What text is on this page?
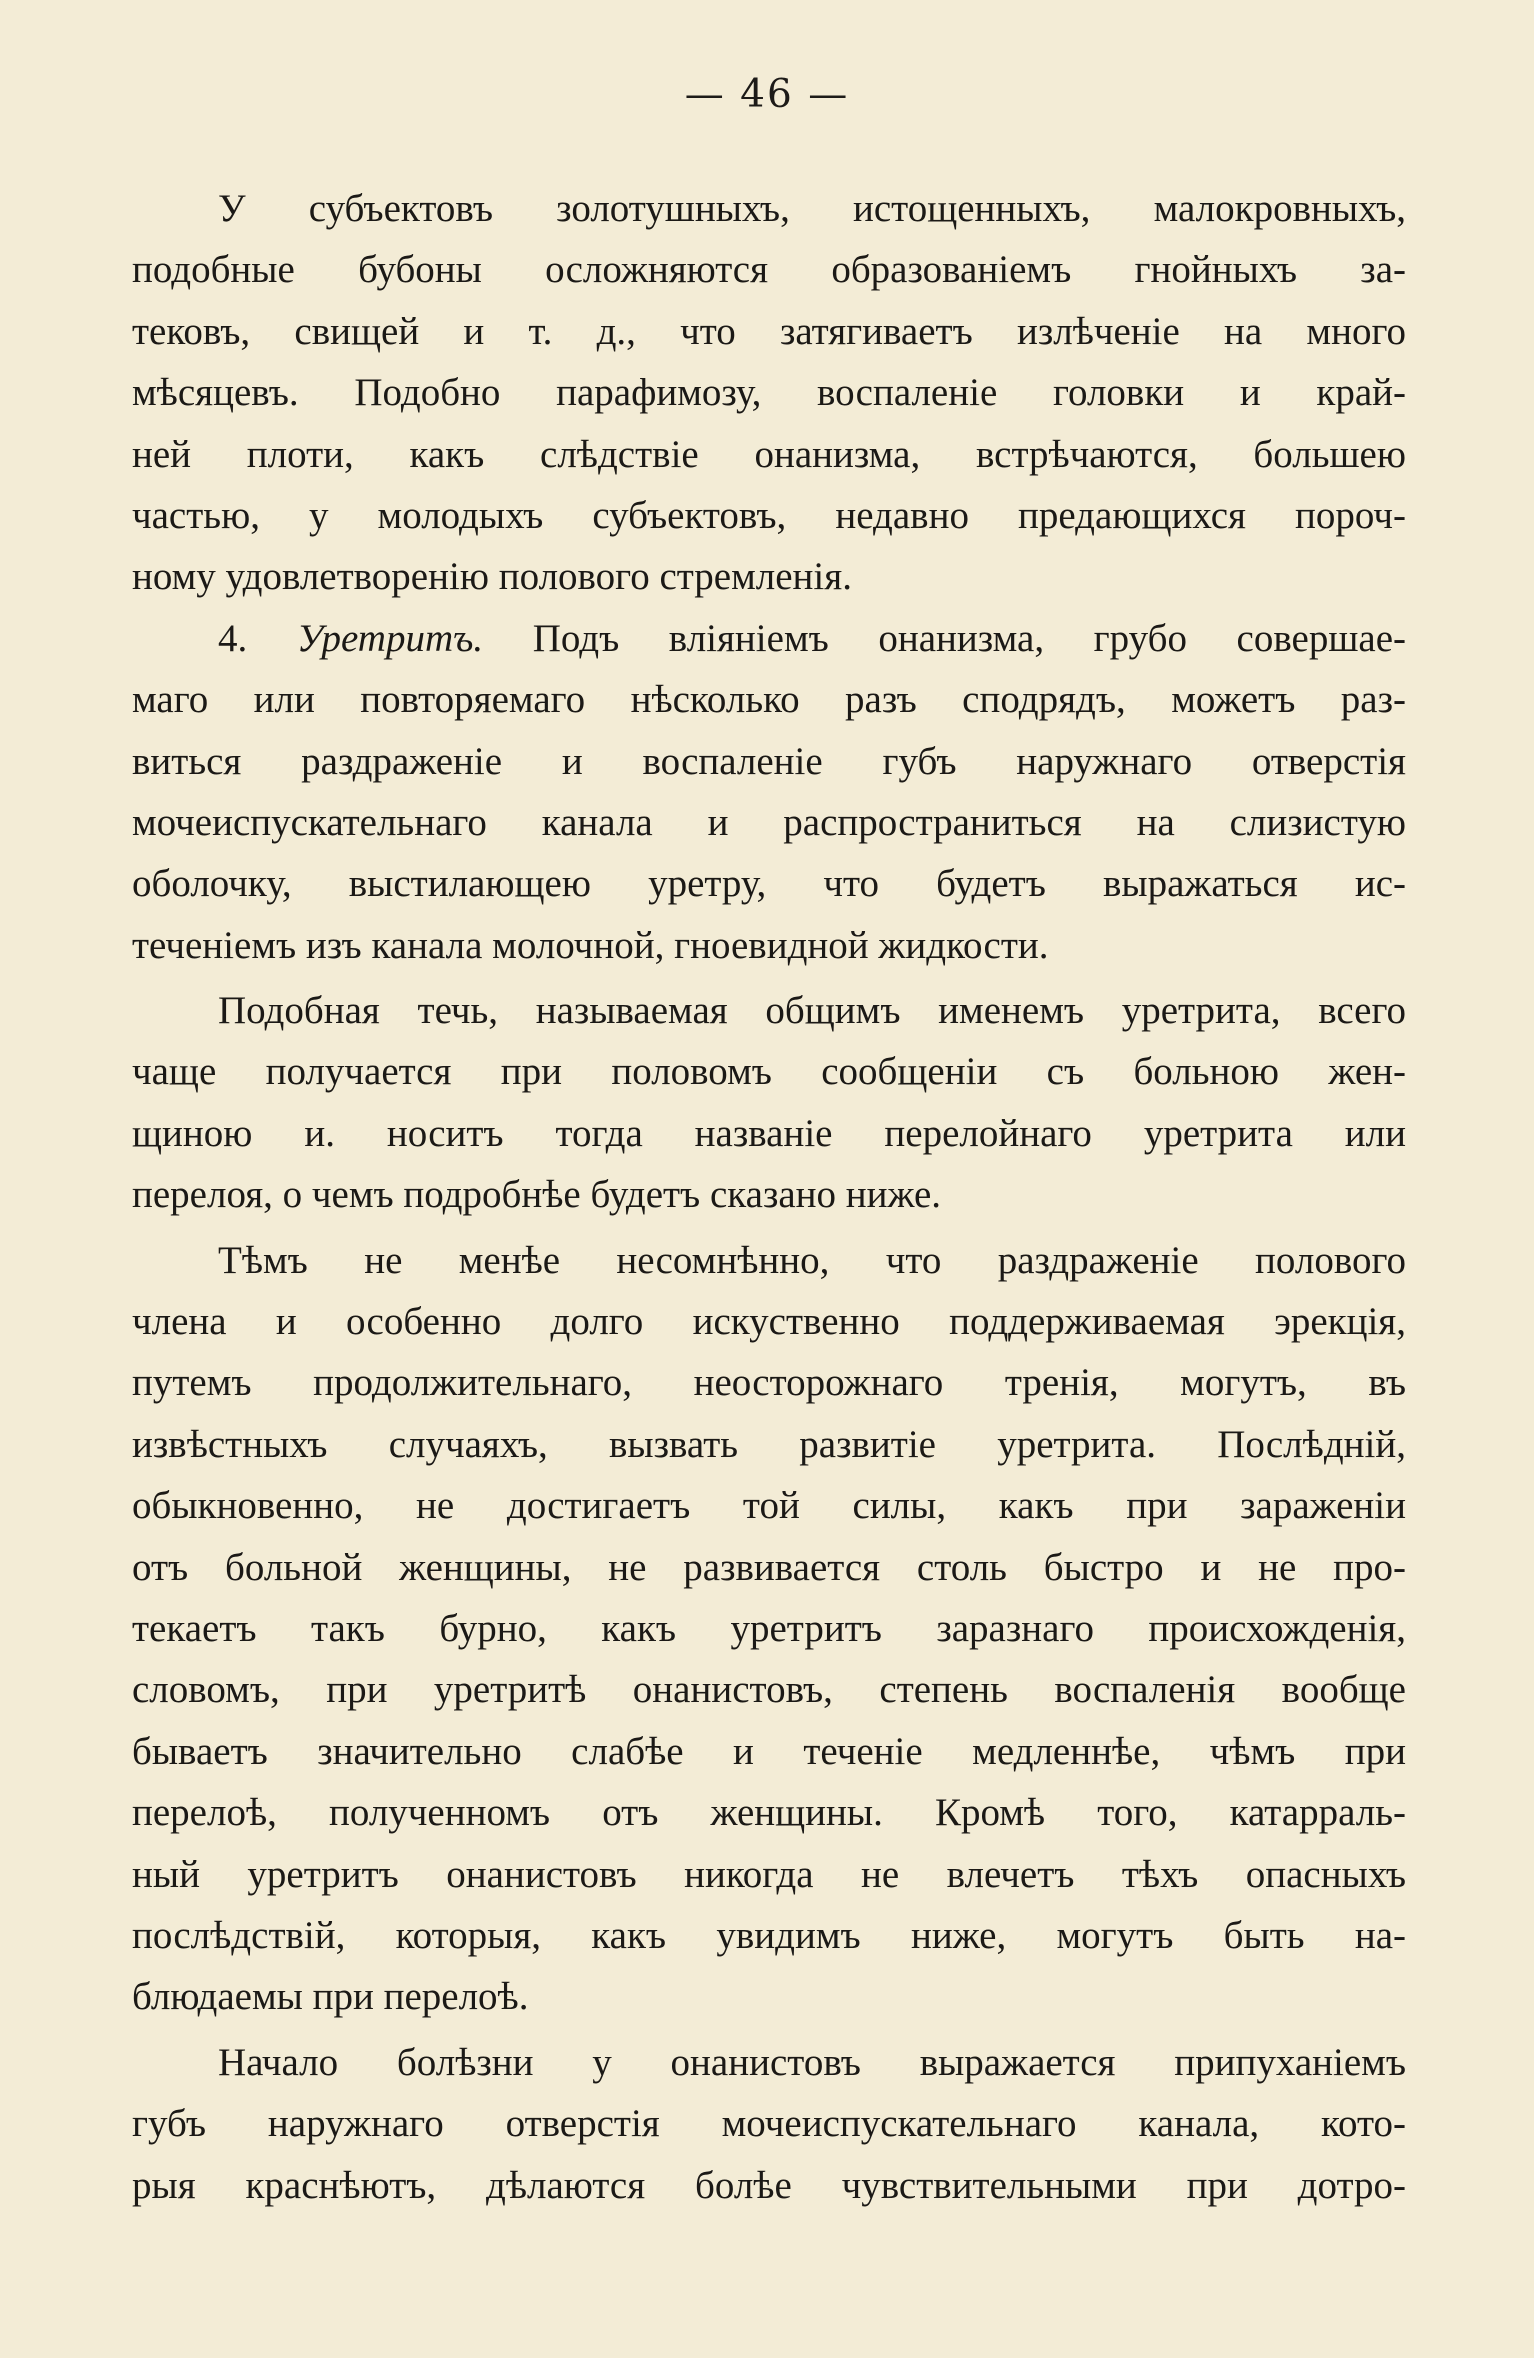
— 46 —
У субъектовъ золотушныхъ, истощенныхъ, малокровныхъ,
подобные бубоны осложняются образованіемъ гнойныхъ за-
тековъ, свищей и т. д., что затягиваетъ излѣченіе на много
мѣсяцевъ. Подобно парафимозу, воспаленіе головки и край-
ней плоти, какъ слѣдствіе онанизма, встрѣчаются, большею
частью, у молодыхъ субъектовъ, недавно предающихся пороч-
ному удовлетворенію полового стремленія.
4. Уретритъ. Подъ вліяніемъ онанизма, грубо совершае-
маго или повторяемаго нѣсколько разъ сподрядъ, можетъ раз-
виться раздраженіе и воспаленіе губъ наружнаго отверстія
мочеиспускательнаго канала и распространиться на слизистую
оболочку, выстилающею уретру, что будетъ выражаться ис-
теченіемъ изъ канала молочной, гноевидной жидкости.
Подобная течь, называемая общимъ именемъ уретрита, всего
чаще получается при половомъ сообщеніи съ больною жен-
щиною и. носитъ тогда названіе перелойнаго уретрита или
перелоя, о чемъ подробнѣе будетъ сказано ниже.
Тѣмъ не менѣе несомнѣнно, что раздраженіе полового
члена и особенно долго искуственно поддерживаемая эрекція,
путемъ продолжительнаго, неосторожнаго тренія, могутъ, въ
извѣстныхъ случаяхъ, вызвать развитіе уретрита. Послѣдній,
обыкновенно, не достигаетъ той силы, какъ при зараженіи
отъ больной женщины, не развивается столь быстро и не про-
текаетъ такъ бурно, какъ уретритъ заразнаго происхожденія,
словомъ, при уретритѣ онанистовъ, степень воспаленія вообще
бываетъ значительно слабѣе и теченіе медленнѣе, чѣмъ при
перелоѣ, полученномъ отъ женщины. Кромѣ того, катарраль-
ный уретритъ онанистовъ никогда не влечетъ тѣхъ опасныхъ
послѣдствій, которыя, какъ увидимъ ниже, могутъ быть на-
блюдаемы при перелоѣ.
Начало болѣзни у онанистовъ выражается припуханіемъ
губъ наружнаго отверстія мочеиспускательнаго канала, кото-
рыя краснѣютъ, дѣлаются болѣе чувствительными при дотро-
